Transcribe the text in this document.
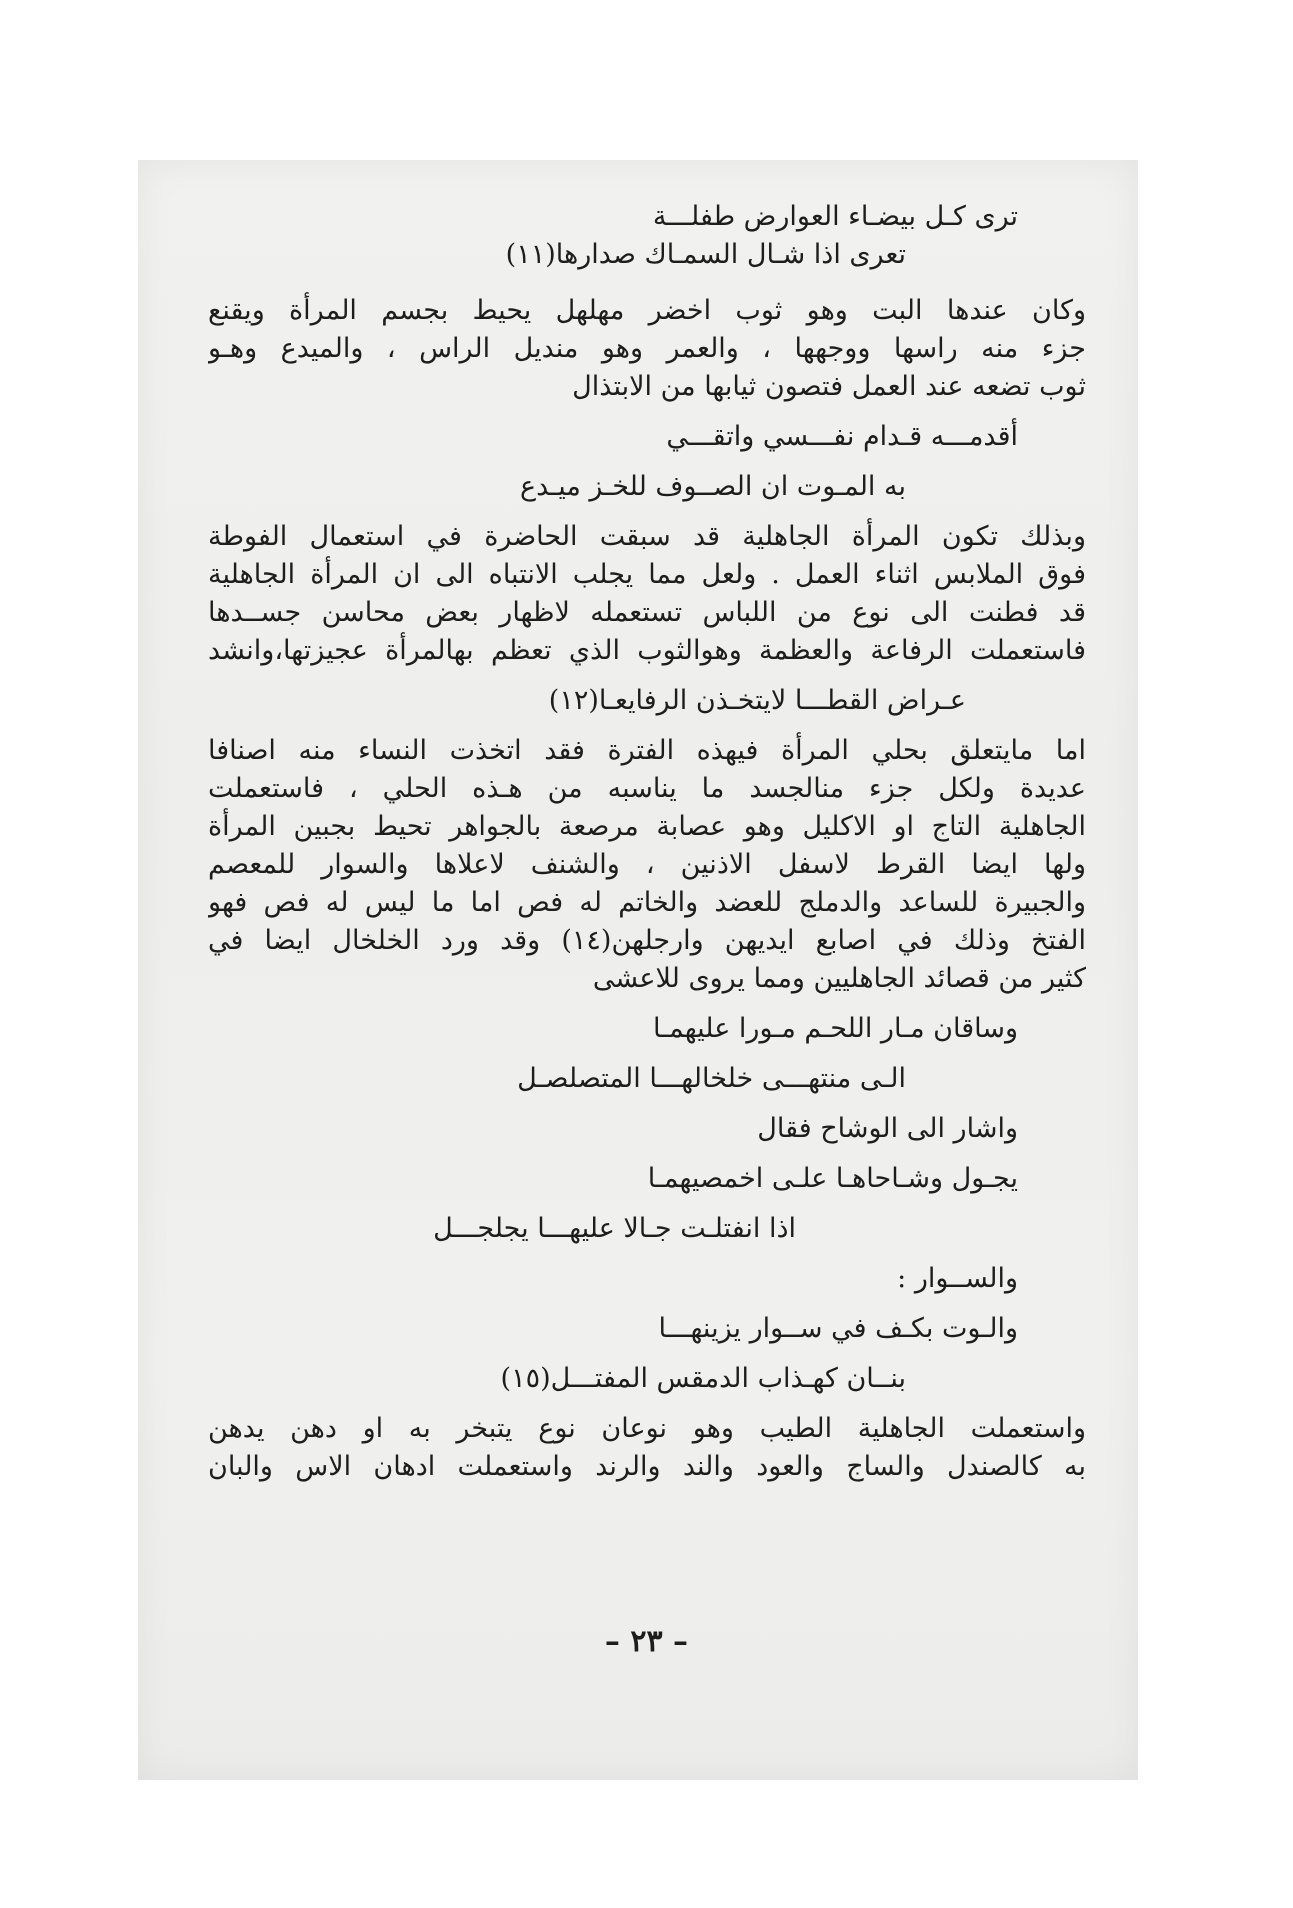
ترى كـل بيضـاء العوارض طفلـــة
تعرى اذا شـال السمـاك صدارها(١١)
وكان عندها البت وهو ثوب اخضر مهلهل يحيط بجسم المرأة ويقنع
جزء منه راسها ووجهها ، والعمر وهو منديل الراس ، والميدع وهـو
ثوب تضعه عند العمل فتصون ثيابها من الابتذال
أقدمـــه قـدام نفـــسي واتقـــي
به المـوت ان الصــوف للخـز ميـدع
وبذلك تكون المرأة الجاهلية قد سبقت الحاضرة في استعمال الفوطة
فوق الملابس اثناء العمل . ولعل مما يجلب الانتباه الى ان المرأة الجاهلية
قد فطنت الى نوع من اللباس تستعمله لاظهار بعض محاسن جســدها
فاستعملت الرفاعة والعظمة وهوالثوب الذي تعظم بهالمرأة عجيزتها،وانشد
عـراض القطـــا لايتخـذن الرفايعـا(١٢)
اما مايتعلق بحلي المرأة فيهذه الفترة فقد اتخذت النساء منه اصنافا
عديدة ولكل جزء منالجسد ما يناسبه من هـذه الحلي ، فاستعملت
الجاهلية التاج او الاكليل وهو عصابة مرصعة بالجواهر تحيط بجبين المرأة
ولها ايضا القرط لاسفل الاذنين ، والشنف لاعلاها والسوار للمعصم
والجبيرة للساعد والدملج للعضد والخاتم له فص اما ما ليس له فص فهو
الفتخ وذلك في اصابع ايديهن وارجلهن(١٤) وقد ورد الخلخال ايضا في
كثير من قصائد الجاهليين ومما يروى للاعشى
وساقان مـار اللحـم مـورا عليهمـا
الـى منتهـــى خلخالهـــا المتصلصـل
واشار الى الوشاح فقال
يجـول وشـاحاهـا علـى اخمصيهمـا
اذا انفتلـت جـالا عليهـــا يجلجـــل
والســوار :
والـوت بكـف في ســوار يزينهـــا
بنــان كهـذاب الدمقس المفتـــل(١٥)
واستعملت الجاهلية الطيب وهو نوعان نوع يتبخر به او دهن يدهن
به كالصندل والساج والعود والند والرند واستعملت ادهان الاس والبان
– ٢٣ –
